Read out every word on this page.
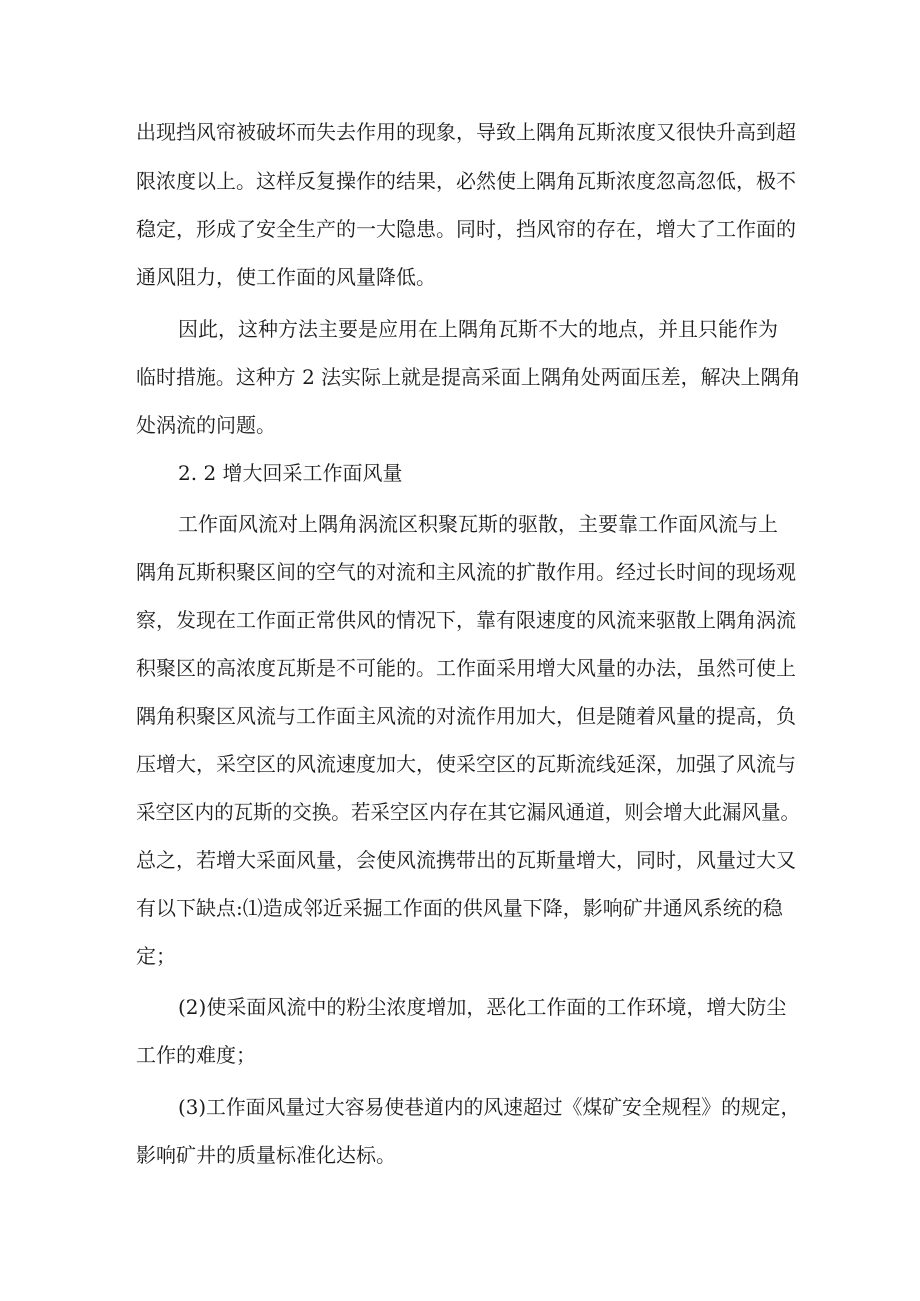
出现挡风帘被破坏而失去作用的现象，导致上隅角瓦斯浓度又很快升高到超
限浓度以上。这样反复操作的结果，必然使上隅角瓦斯浓度忽高忽低，极不
稳定，形成了安全生产的一大隐患。同时，挡风帘的存在，增大了工作面的
通风阻力，使工作面的风量降低。
因此，这种方法主要是应用在上隅角瓦斯不大的地点，并且只能作为
临时措施。这种方 2 法实际上就是提高采面上隅角处两面压差，解决上隅角
处涡流的问题。
2. 2 增大回采工作面风量
工作面风流对上隅角涡流区积聚瓦斯的驱散，主要靠工作面风流与上
隅角瓦斯积聚区间的空气的对流和主风流的扩散作用。经过长时间的现场观
察，发现在工作面正常供风的情况下，靠有限速度的风流来驱散上隅角涡流
积聚区的高浓度瓦斯是不可能的。工作面采用增大风量的办法，虽然可使上
隅角积聚区风流与工作面主风流的对流作用加大，但是随着风量的提高，负
压增大，采空区的风流速度加大，使采空区的瓦斯流线延深，加强了风流与
采空区内的瓦斯的交换。若采空区内存在其它漏风通道，则会增大此漏风量。
总之，若增大采面风量，会使风流携带出的瓦斯量增大，同时，风量过大又
有以下缺点:⑴造成邻近采掘工作面的供风量下降，影响矿井通风系统的稳
定；
(2)使采面风流中的粉尘浓度增加，恶化工作面的工作环境，增大防尘
工作的难度；
(3)工作面风量过大容易使巷道内的风速超过《煤矿安全规程》的规定，
影响矿井的质量标准化达标。
